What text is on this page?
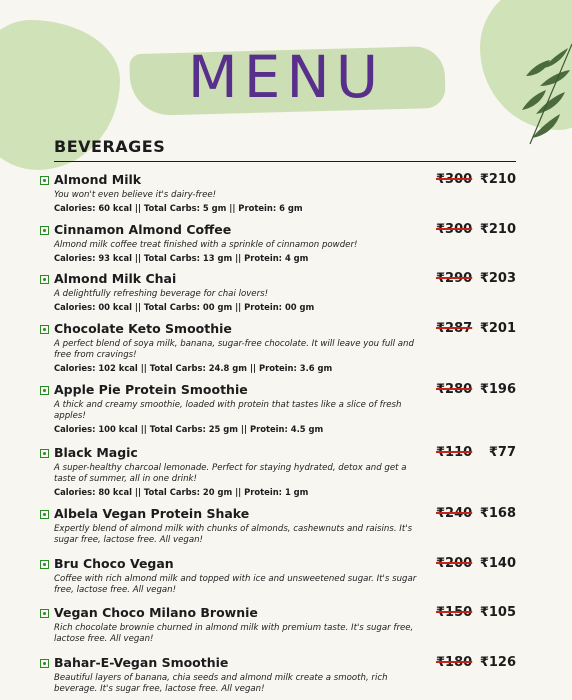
MENU
BEVERAGES
Almond Milk
You won't even believe it's dairy-free!
Calories: 60 kcal || Total Carbs: 5 gm || Protein: 6 gm
₹300 ₹210
Cinnamon Almond Coffee
Almond milk coffee treat finished with a sprinkle of cinnamon powder!
Calories: 93 kcal || Total Carbs: 13 gm || Protein: 4 gm
₹300 ₹210
Almond Milk Chai
A delightfully refreshing beverage for chai lovers!
Calories: 00 kcal || Total Carbs: 00 gm || Protein: 00 gm
₹290 ₹203
Chocolate Keto Smoothie
A perfect blend of soya milk, banana, sugar-free chocolate. It will leave you full and free from cravings!
Calories: 102 kcal || Total Carbs: 24.8 gm || Protein: 3.6 gm
₹287 ₹201
Apple Pie Protein Smoothie
A thick and creamy smoothie, loaded with protein that tastes like a slice of fresh apples!
Calories: 100 kcal || Total Carbs: 25 gm || Protein: 4.5 gm
₹280 ₹196
Black Magic
A super-healthy charcoal lemonade. Perfect for staying hydrated, detox and get a taste of summer, all in one drink!
Calories: 80 kcal || Total Carbs: 20 gm || Protein: 1 gm
₹110 ₹77
Albela Vegan Protein Shake
Expertly blend of almond milk with chunks of almonds, cashewnuts and raisins. It's sugar free, lactose free. All vegan!
₹240 ₹168
Bru Choco Vegan
Coffee with rich almond milk and topped with ice and unsweetened sugar. It's sugar free, lactose free. All vegan!
₹200 ₹140
Vegan Choco Milano Brownie
Rich chocolate brownie churned in almond milk with premium taste. It's sugar free, lactose free. All vegan!
₹150 ₹105
Bahar-E-Vegan Smoothie
Beautiful layers of banana, chia seeds and almond milk create a smooth, rich beverage. It's sugar free, lactose free. All vegan!
₹180 ₹126
